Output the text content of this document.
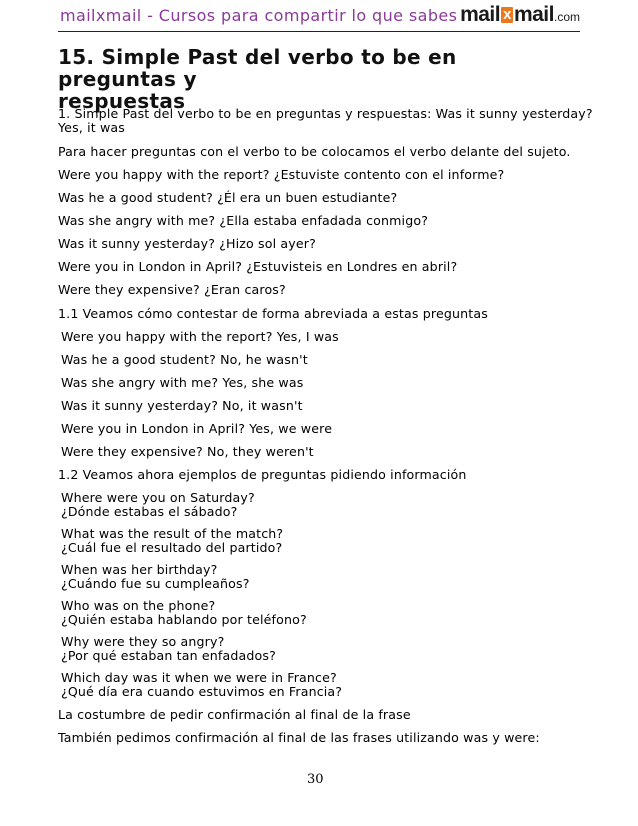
mailxmail - Cursos para compartir lo que sabes mail x mail.com
15. Simple Past del verbo to be en preguntas y
respuestas
1. Simple Past del verbo to be en preguntas y respuestas: Was it sunny yesterday?
Yes, it was
Para hacer preguntas con el verbo to be colocamos el verbo delante del sujeto.
Were you happy with the report? ¿Estuviste contento con el informe?
Was he a good student? ¿Él era un buen estudiante?
Was she angry with me? ¿Ella estaba enfadada conmigo?
Was it sunny yesterday? ¿Hizo sol ayer?
Were you in London in April? ¿Estuvisteis en Londres en abril?
Were they expensive? ¿Eran caros?
1.1 Veamos cómo contestar de forma abreviada a estas preguntas
Were you happy with the report? Yes, I was
Was he a good student? No, he wasn't
Was she angry with me? Yes, she was
Was it sunny yesterday? No, it wasn't
Were you in London in April? Yes, we were
Were they expensive? No, they weren't
1.2 Veamos ahora ejemplos de preguntas pidiendo información
Where were you on Saturday?
¿Dónde estabas el sábado?
What was the result of the match?
¿Cuál fue el resultado del partido?
When was her birthday?
¿Cuándo fue su cumpleaños?
Who was on the phone?
¿Quién estaba hablando por teléfono?
Why were they so angry?
¿Por qué estaban tan enfadados?
Which day was it when we were in France?
¿Qué día era cuando estuvimos en Francia?
La costumbre de pedir confirmación al final de la frase
También pedimos confirmación al final de las frases utilizando was y were:
30
